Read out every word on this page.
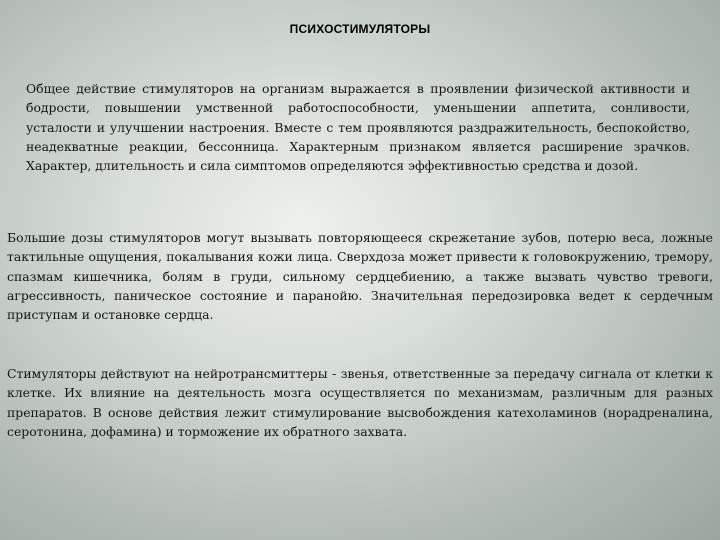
ПСИХОСТИМУЛЯТОРЫ

Общее действие стимуляторов на организм выражается в проявлении физической активности и бодрости, повышении умственной работоспособности, уменьшении аппетита, сонливости, усталости и улучшении настроения. Вместе с тем проявляются раздражительность, беспокойство, неадекватные реакции, бессонница. Характерным признаком является расширение зрачков. Характер, длительность и сила симптомов определяются эффективностью средства и дозой.

Большие дозы стимуляторов могут вызывать повторяющееся скрежетание зубов, потерю веса, ложные тактильные ощущения, покалывания кожи лица. Сверхдоза может привести к головокружению, тремору, спазмам кишечника, болям в груди, сильному сердцебиению, а также вызвать чувство тревоги, агрессивность, паническое состояние и паранойю. Значительная передозировка ведет к сердечным приступам и остановке сердца.

Стимуляторы действуют на нейротрансмиттеры - звенья, ответственные за передачу сигнала от клетки к клетке. Их влияние на деятельность мозга осуществляется по механизмам, различным для разных препаратов. В основе действия лежит стимулирование высвобождения катехоламинов (норадреналина, серотонина, дофамина) и торможение их обратного захвата.
